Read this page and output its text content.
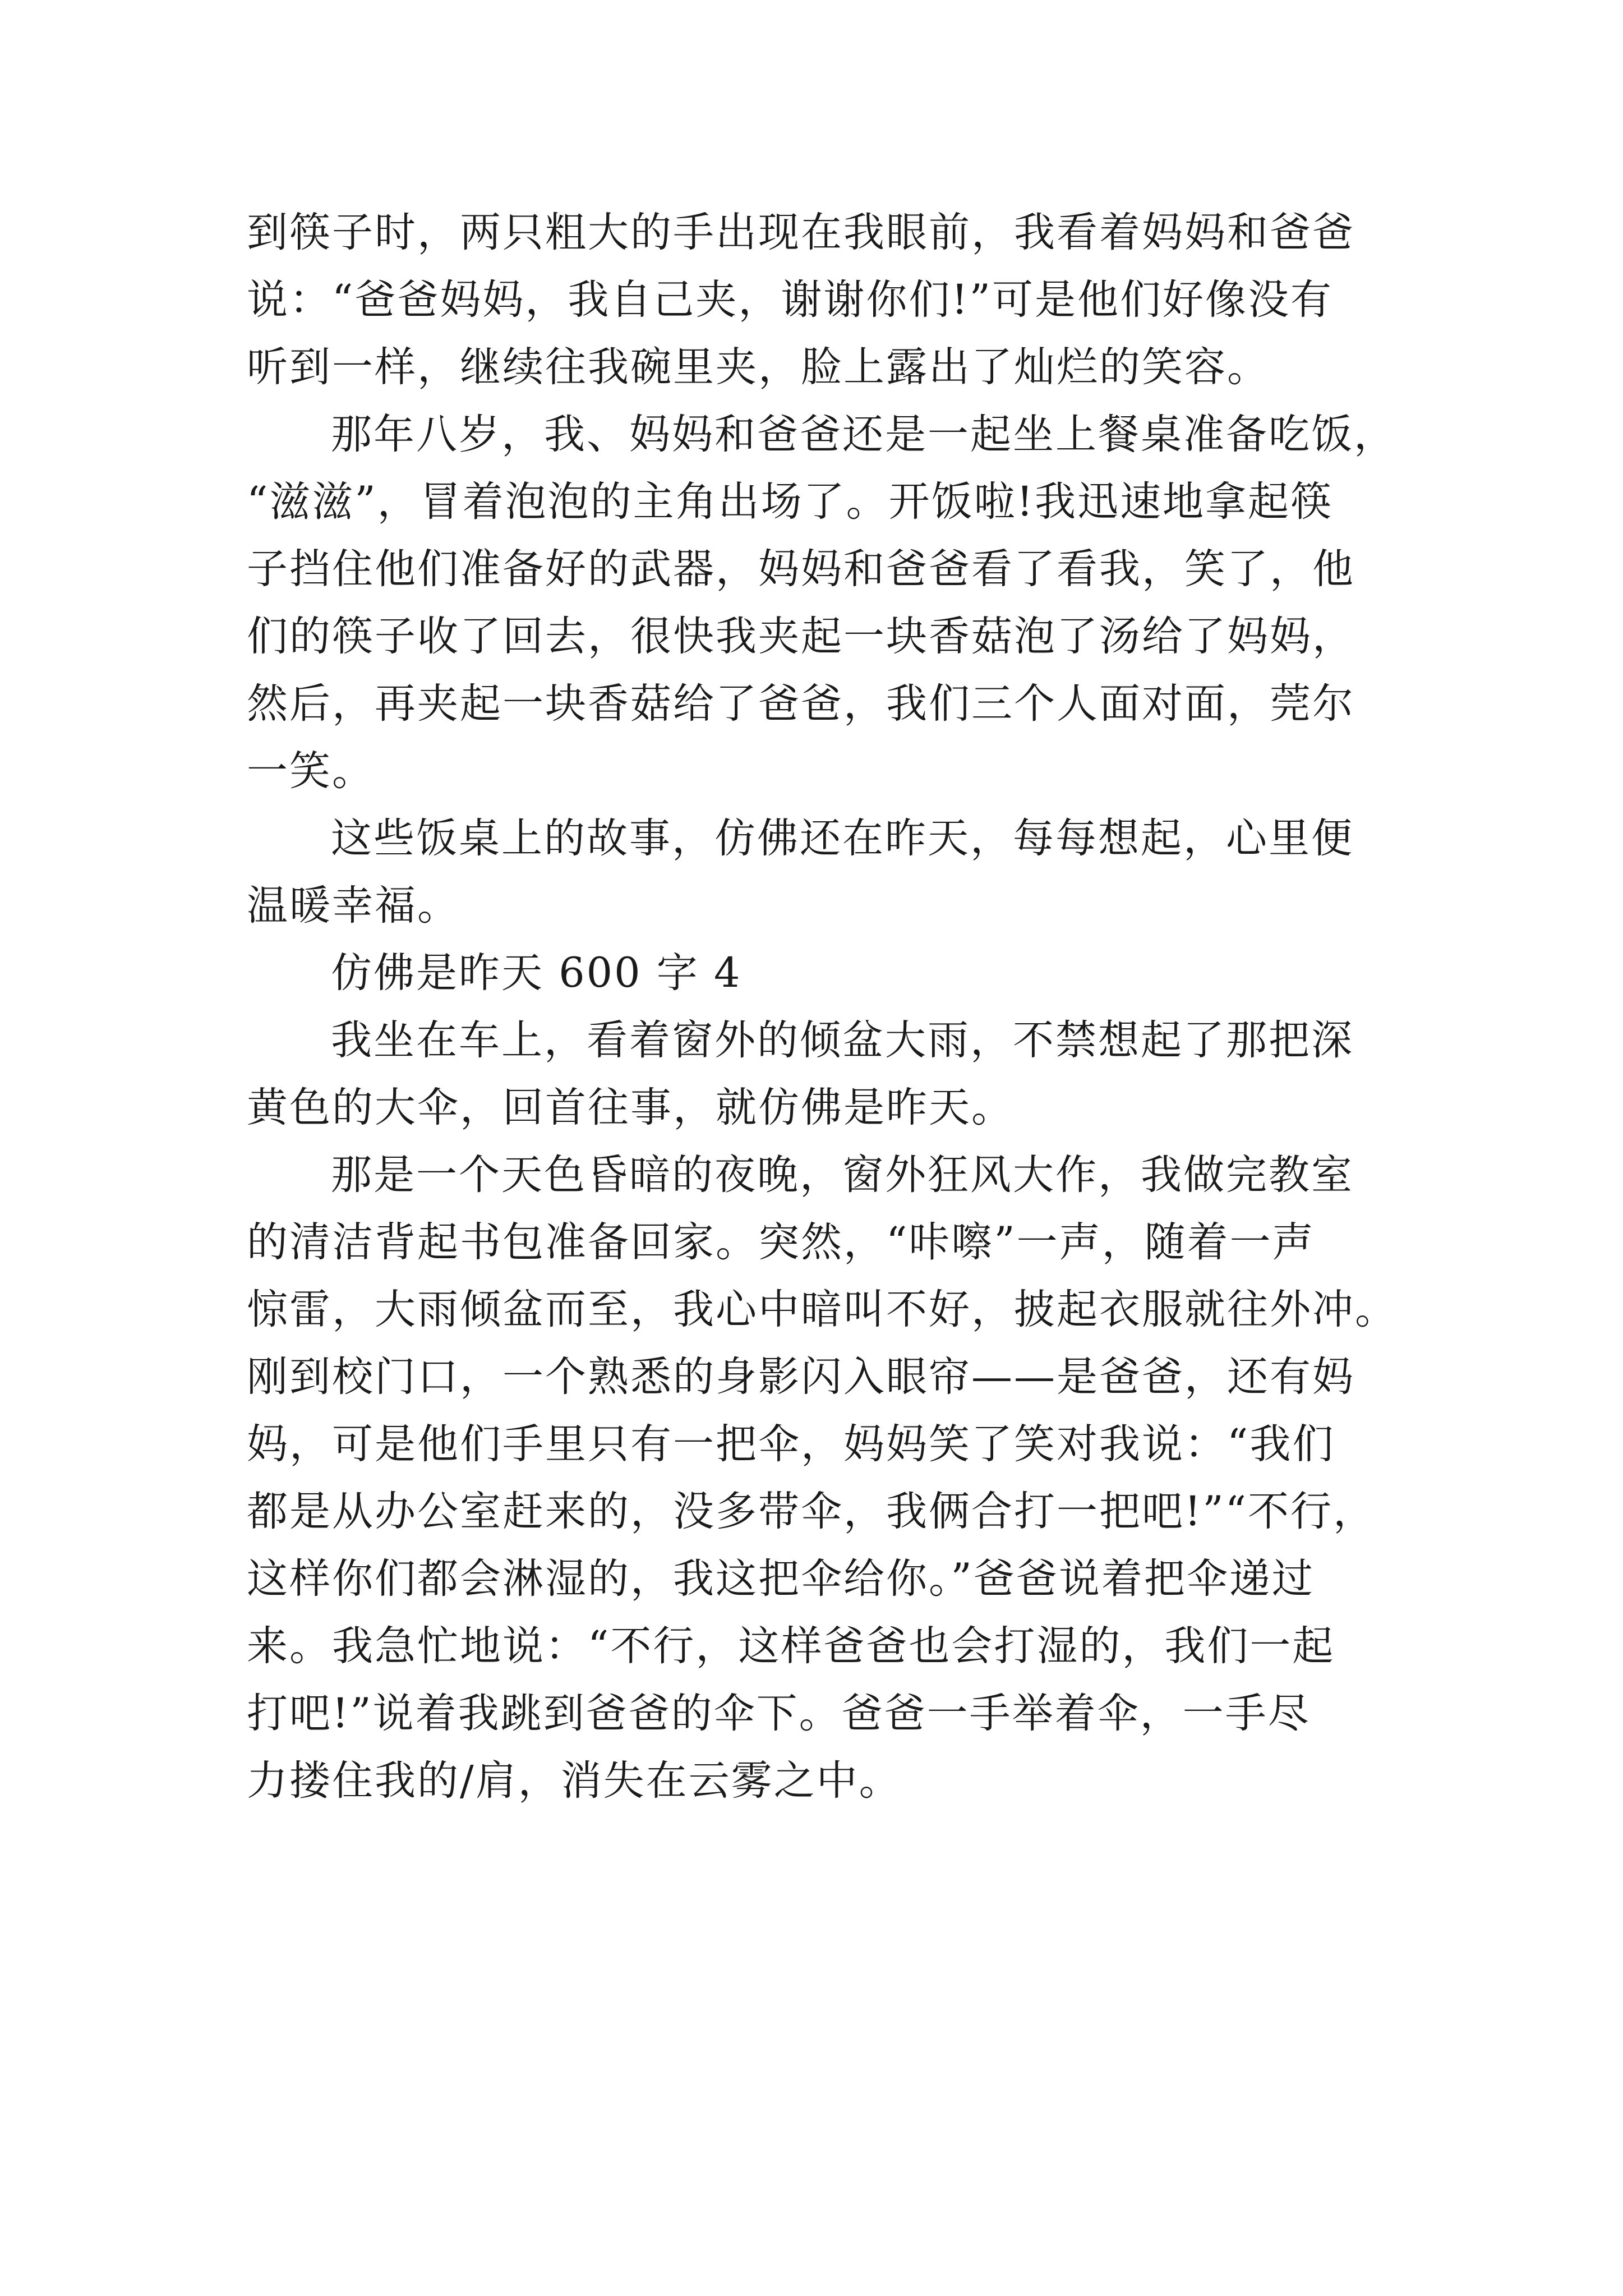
到筷子时，两只粗大的手出现在我眼前，我看着妈妈和爸爸
说：“爸爸妈妈，我自己夹，谢谢你们!”可是他们好像没有
听到一样，继续往我碗里夹，脸上露出了灿烂的笑容。
那年八岁，我、妈妈和爸爸还是一起坐上餐桌准备吃饭，
“滋滋”，冒着泡泡的主角出场了。开饭啦!我迅速地拿起筷
子挡住他们准备好的武器，妈妈和爸爸看了看我，笑了，他
们的筷子收了回去，很快我夹起一块香菇泡了汤给了妈妈，
然后，再夹起一块香菇给了爸爸，我们三个人面对面，莞尔
一笑。
这些饭桌上的故事，仿佛还在昨天，每每想起，心里便
温暖幸福。
仿佛是昨天 600 字 4
我坐在车上，看着窗外的倾盆大雨，不禁想起了那把深
黄色的大伞，回首往事，就仿佛是昨天。
那是一个天色昏暗的夜晚，窗外狂风大作，我做完教室
的清洁背起书包准备回家。突然，“咔嚓”一声，随着一声
惊雷，大雨倾盆而至，我心中暗叫不好，披起衣服就往外冲。
刚到校门口，一个熟悉的身影闪入眼帘——是爸爸，还有妈
妈，可是他们手里只有一把伞，妈妈笑了笑对我说：“我们
都是从办公室赶来的，没多带伞，我俩合打一把吧!”“不行，
这样你们都会淋湿的，我这把伞给你。”爸爸说着把伞递过
来。我急忙地说：“不行，这样爸爸也会打湿的，我们一起
打吧!”说着我跳到爸爸的伞下。爸爸一手举着伞，一手尽
力搂住我的/肩，消失在云雾之中。
